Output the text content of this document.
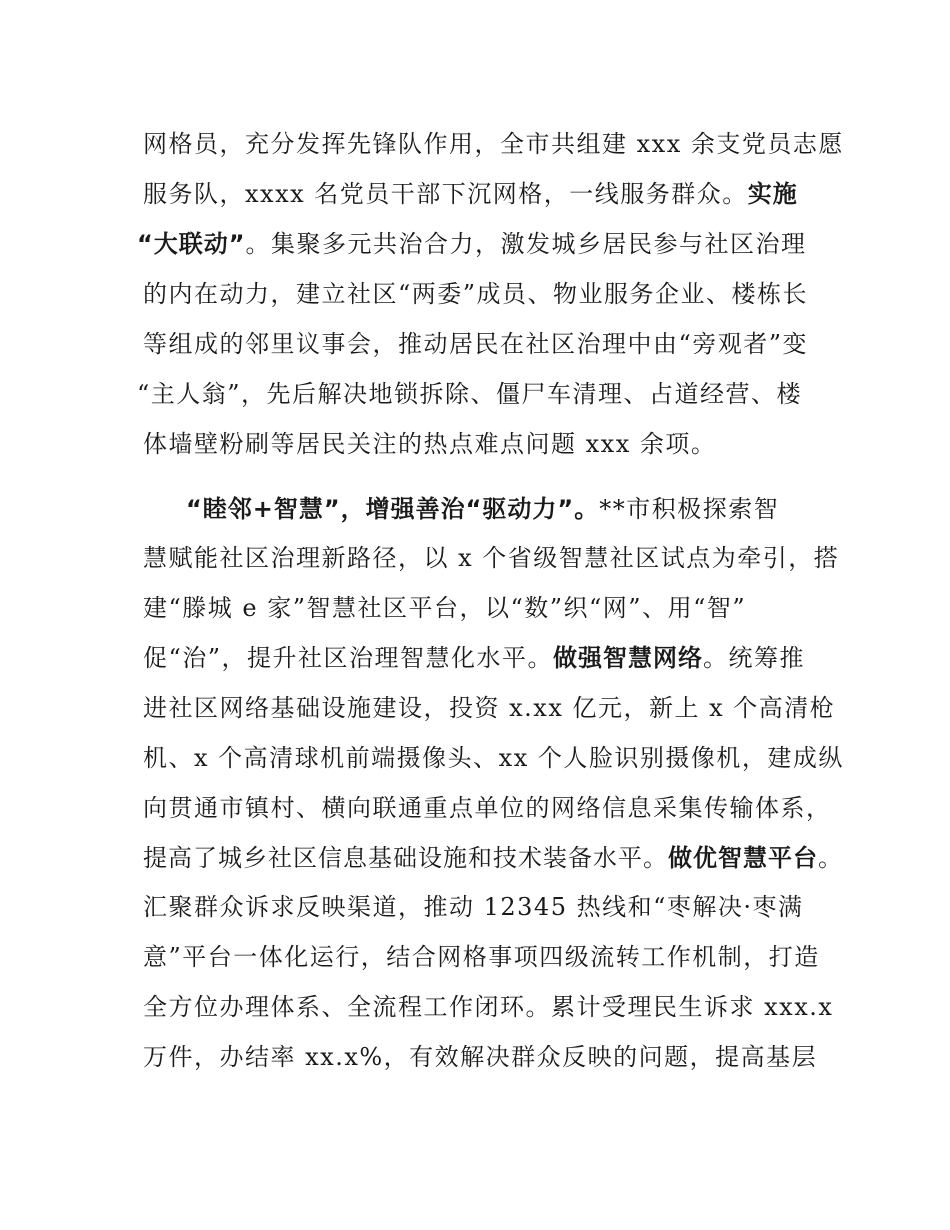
网格员，充分发挥先锋队作用，全市共组建 xxx 余支党员志愿
服务队，xxxx 名党员干部下沉网格，一线服务群众。实施
“大联动”。集聚多元共治合力，激发城乡居民参与社区治理
的内在动力，建立社区“两委”成员、物业服务企业、楼栋长
等组成的邻里议事会，推动居民在社区治理中由“旁观者”变
“主人翁”，先后解决地锁拆除、僵尸车清理、占道经营、楼
体墙壁粉刷等居民关注的热点难点问题 xxx 余项。
“睦邻+智慧”，增强善治“驱动力”。**市积极探索智
慧赋能社区治理新路径，以 x 个省级智慧社区试点为牵引，搭
建“滕城 e 家”智慧社区平台，以“数”织“网”、用“智”
促“治”，提升社区治理智慧化水平。做强智慧网络。统筹推
进社区网络基础设施建设，投资 x.xx 亿元，新上 x 个高清枪
机、x 个高清球机前端摄像头、xx 个人脸识别摄像机，建成纵
向贯通市镇村、横向联通重点单位的网络信息采集传输体系，
提高了城乡社区信息基础设施和技术装备水平。做优智慧平台。
汇聚群众诉求反映渠道，推动 12345 热线和“枣解决·枣满
意”平台一体化运行，结合网格事项四级流转工作机制，打造
全方位办理体系、全流程工作闭环。累计受理民生诉求 xxx.x
万件，办结率 xx.x%，有效解决群众反映的问题，提高基层
